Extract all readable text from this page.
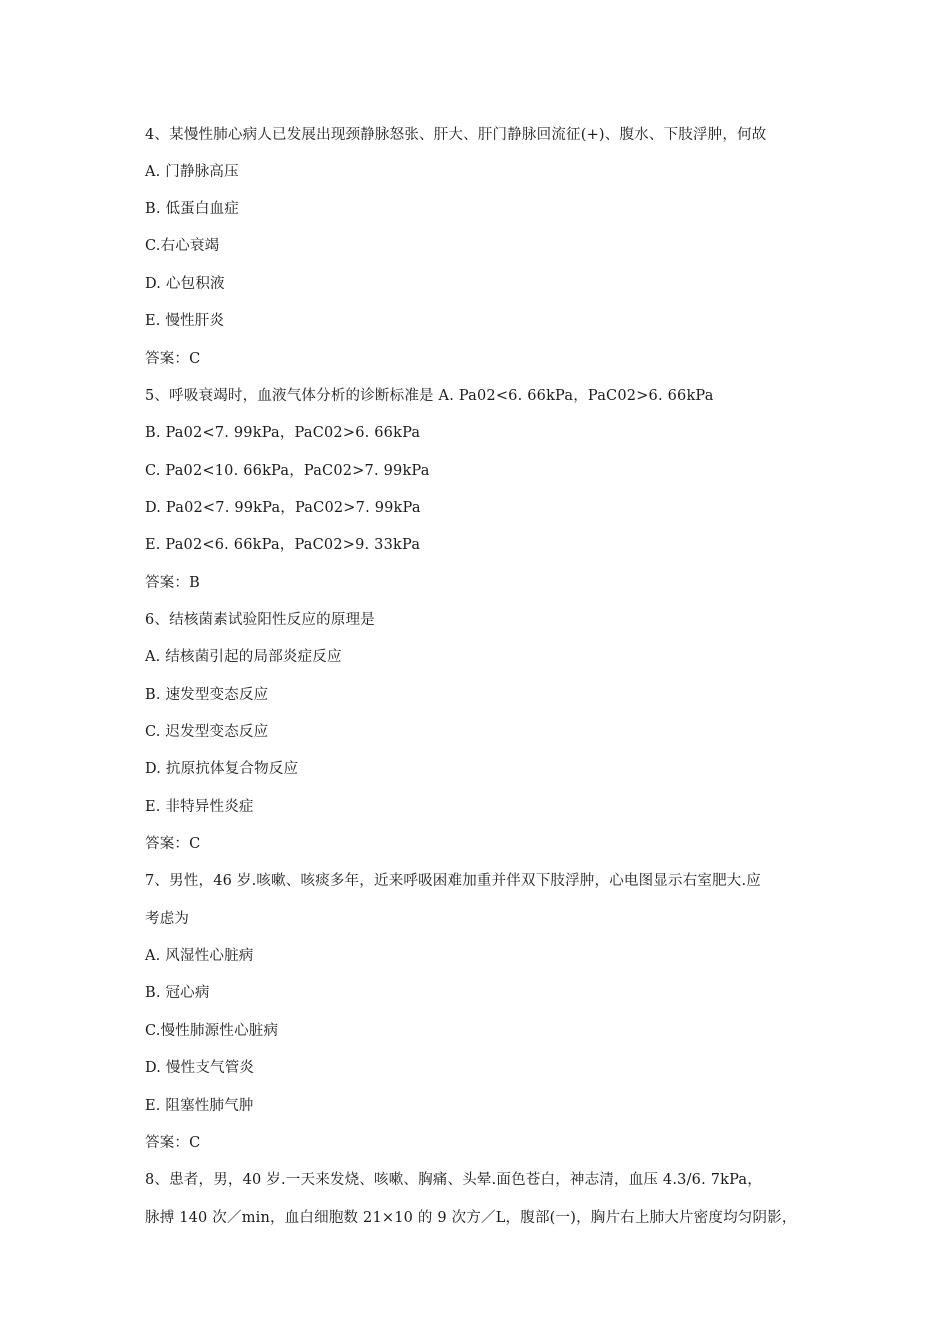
4、某慢性肺心病人已发展出现颈静脉怒张、肝大、肝门静脉回流征(+)、腹水、下肢浮肿，何故
A. 门静脉高压
B. 低蛋白血症
C.右心衰竭
D. 心包积液
E. 慢性肝炎
答案：C
5、呼吸衰竭时，血液气体分析的诊断标准是 A. Pa02<6. 66kPa，PaC02>6. 66kPa
B. Pa02<7. 99kPa，PaC02>6. 66kPa
C. Pa02<10. 66kPa，PaC02>7. 99kPa
D. Pa02<7. 99kPa，PaC02>7. 99kPa
E. Pa02<6. 66kPa，PaC02>9. 33kPa
答案：B
6、结核菌素试验阳性反应的原理是
A. 结核菌引起的局部炎症反应
B. 速发型变态反应
C. 迟发型变态反应
D. 抗原抗体复合物反应
E. 非特异性炎症
答案：C
7、男性，46 岁.咳嗽、咳痰多年，近来呼吸困难加重并伴双下肢浮肿，心电图显示右室肥大.应
考虑为
A. 风湿性心脏病
B. 冠心病
C.慢性肺源性心脏病
D. 慢性支气管炎
E. 阻塞性肺气肿
答案：C
8、患者，男，40 岁.一天来发烧、咳嗽、胸痛、头晕.面色苍白，神志清，血压 4.3/6. 7kPa，
脉搏 140 次／min，血白细胞数 21×10 的 9 次方／L，腹部(一)，胸片右上肺大片密度均匀阴影，
